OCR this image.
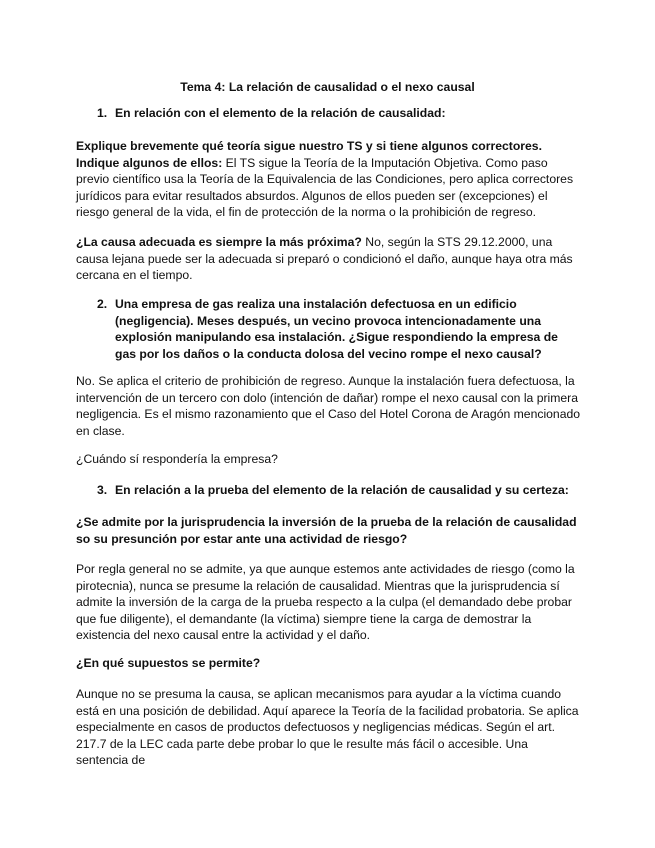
Tema 4: La relación de causalidad o el nexo causal
1. En relación con el elemento de la relación de causalidad:
Explique brevemente qué teoría sigue nuestro TS y si tiene algunos correctores. Indique algunos de ellos: El TS sigue la Teoría de la Imputación Objetiva. Como paso previo científico usa la Teoría de la Equivalencia de las Condiciones, pero aplica correctores jurídicos para evitar resultados absurdos. Algunos de ellos pueden ser (excepciones) el riesgo general de la vida, el fin de protección de la norma o la prohibición de regreso.
¿La causa adecuada es siempre la más próxima? No, según la STS 29.12.2000, una causa lejana puede ser la adecuada si preparó o condicionó el daño, aunque haya otra más cercana en el tiempo.
2. Una empresa de gas realiza una instalación defectuosa en un edificio (negligencia). Meses después, un vecino provoca intencionadamente una explosión manipulando esa instalación. ¿Sigue respondiendo la empresa de gas por los daños o la conducta dolosa del vecino rompe el nexo causal?
No. Se aplica el criterio de prohibición de regreso. Aunque la instalación fuera defectuosa, la intervención de un tercero con dolo (intención de dañar) rompe el nexo causal con la primera negligencia. Es el mismo razonamiento que el Caso del Hotel Corona de Aragón mencionado en clase.
¿Cuándo sí respondería la empresa?
3. En relación a la prueba del elemento de la relación de causalidad y su certeza:
¿Se admite por la jurisprudencia la inversión de la prueba de la relación de causalidad so su presunción por estar ante una actividad de riesgo?
Por regla general no se admite, ya que aunque estemos ante actividades de riesgo (como la pirotecnia), nunca se presume la relación de causalidad. Mientras que la jurisprudencia sí admite la inversión de la carga de la prueba respecto a la culpa (el demandado debe probar que fue diligente), el demandante (la víctima) siempre tiene la carga de demostrar la existencia del nexo causal entre la actividad y el daño.
¿En qué supuestos se permite?
Aunque no se presuma la causa, se aplican mecanismos para ayudar a la víctima cuando está en una posición de debilidad. Aquí aparece la Teoría de la facilidad probatoria. Se aplica especialmente en casos de productos defectuosos y negligencias médicas. Según el art. 217.7 de la LEC cada parte debe probar lo que le resulte más fácil o accesible. Una sentencia de
